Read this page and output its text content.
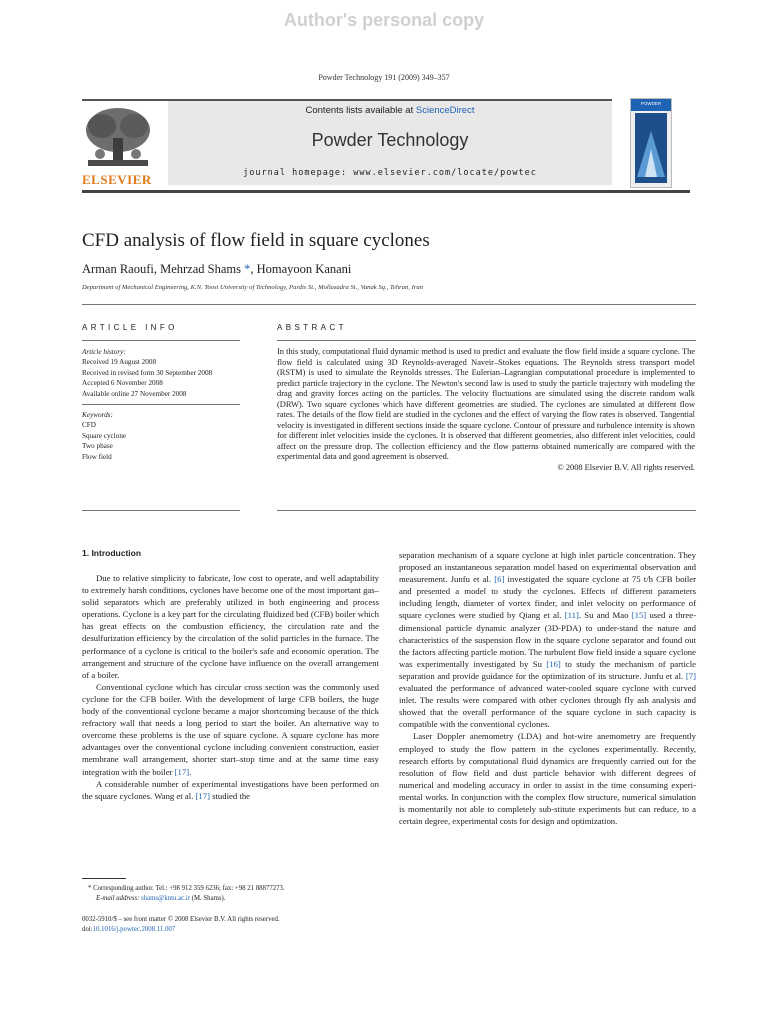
Author's personal copy
Powder Technology 191 (2009) 349–357
ELSEVIER
Contents lists available at ScienceDirect
Powder Technology
journal homepage: www.elsevier.com/locate/powtec
POWDER
CFD analysis of flow field in square cyclones
Arman Raoufi, Mehrzad Shams *, Homayoon Kanani
Department of Mechanical Engineering, K.N. Toosi University of Technology, Pardis St., Mollasadra St., Vanak Sq., Tehran, Iran
ARTICLE INFO	ABSTRACT
Article history:
Received 19 August 2008
Received in revised form 30 September 2008
Accepted 6 November 2008
Available online 27 November 2008
Keywords:
CFD
Square cyclone
Two phase
Flow field
In this study, computational fluid dynamic method is used to predict and evaluate the flow field inside a square cyclone. The flow field is calculated using 3D Reynolds-averaged Naveir–Stokes equations. The Reynolds stress transport model (RSTM) is used to simulate the Reynolds stresses. The Eulerian–Lagrangian computational procedure is implemented to predict particle trajectory in the cyclone. The Newton's second law is used to study the particle trajectory with modeling the drag and gravity forces acting on the particles. The velocity fluctuations are simulated using the discrete random walk (DRW). Two square cyclones which have different geometries are studied. The cyclones are simulated at different flow rates. The details of the flow field are studied in the cyclones and the effect of varying the flow rates is observed. Tangential velocity is investigated in different sections inside the square cyclone. Contour of pressure and turbulence intensity is shown for different inlet velocities inside the cyclones. It is observed that different geometries, also different inlet velocities, could affect on the pressure drop. The collection efficiency and the flow patterns obtained numerically are compared with the experimental data and good agreement is observed.
© 2008 Elsevier B.V. All rights reserved.
1. Introduction

Due to relative simplicity to fabricate, low cost to operate, and well adaptability to extremely harsh conditions, cyclones have become one of the most important gas–solid separators which are preferably utilized in both engineering and process operations. Cyclone is a key part for the circulating fluidized bed (CFB) boiler which has great effects on the combustion efficiency, the circulation rate and the desulfurization efficiency by the circulation of the solid particles in the furnace. The performance of a cyclone is critical to the boiler's safe and economic operation. The arrangement and structure of the cyclone have influence on the overall arrangement of a boiler.

Conventional cyclone which has circular cross section was the commonly used cyclone for the CFB boiler. With the development of large CFB boilers, the huge body of the conventional cyclone became a major shortcoming because of the thick refractory wall that needs a long period to start the boiler. An alternative way to overcome these problems is the use of square cyclone. A square cyclone has more advantages over the conventional cyclone including convenient construction, easier membrane wall arrangement, shorter start–stop time and at the same time easy integration with the boiler [17].

A considerable number of experimental investigations have been performed on the square cyclones. Wang et al. [17] studied the

separation mechanism of a square cyclone at high inlet particle concentration. They proposed an instantaneous separation model based on experimental observation and measurement. Junfu et al. [6] investigated the square cyclone at 75 t/h CFB boiler and presented a model to study the cyclones. Effects of different parameters including length, diameter of vortex finder, and inlet velocity on performance of square cyclones were studied by Qiang et al. [11]. Su and Mao [15] used a three-dimensional particle dynamic analyzer (3D-PDA) to under-stand the nature and characteristics of the suspension flow in the square cyclone separator and found out the factors affecting particle motion. The turbulent flow field inside a square cyclone was experimentally investigated by Su [16] to study the mechanism of particle separation and provide guidance for the optimization of its structure. Junfu et al. [7] evaluated the performance of advanced water-cooled square cyclone with curved inlet. The results were compared with other cyclones through fly ash analysis and showed that the overall performance of the square cyclone in such capacity is compatible with the conventional cyclones.

Laser Doppler anemometry (LDA) and hot-wire anemometry are frequently employed to study the flow pattern in the cyclones experimentally. Recently, research efforts by computational fluid dynamics are frequently carried out for the resolution of flow field and dust particle behavior with different degrees of numerical and modeling accuracy in order to assist in the time consuming experi-mental works. In conjunction with the complex flow structure, numerical simulation is momentarily not able to completely sub-stitute experiments but can reduce, to a certain degree, experimental costs for design and optimization.

* Corresponding author. Tel.: +98 912 359 6236; fax: +98 21 88877273.
E-mail address: shams@kntu.ac.ir (M. Shams).
0032-5910/$ – see front matter © 2008 Elsevier B.V. All rights reserved.
doi:10.1016/j.powtec.2008.11.007
